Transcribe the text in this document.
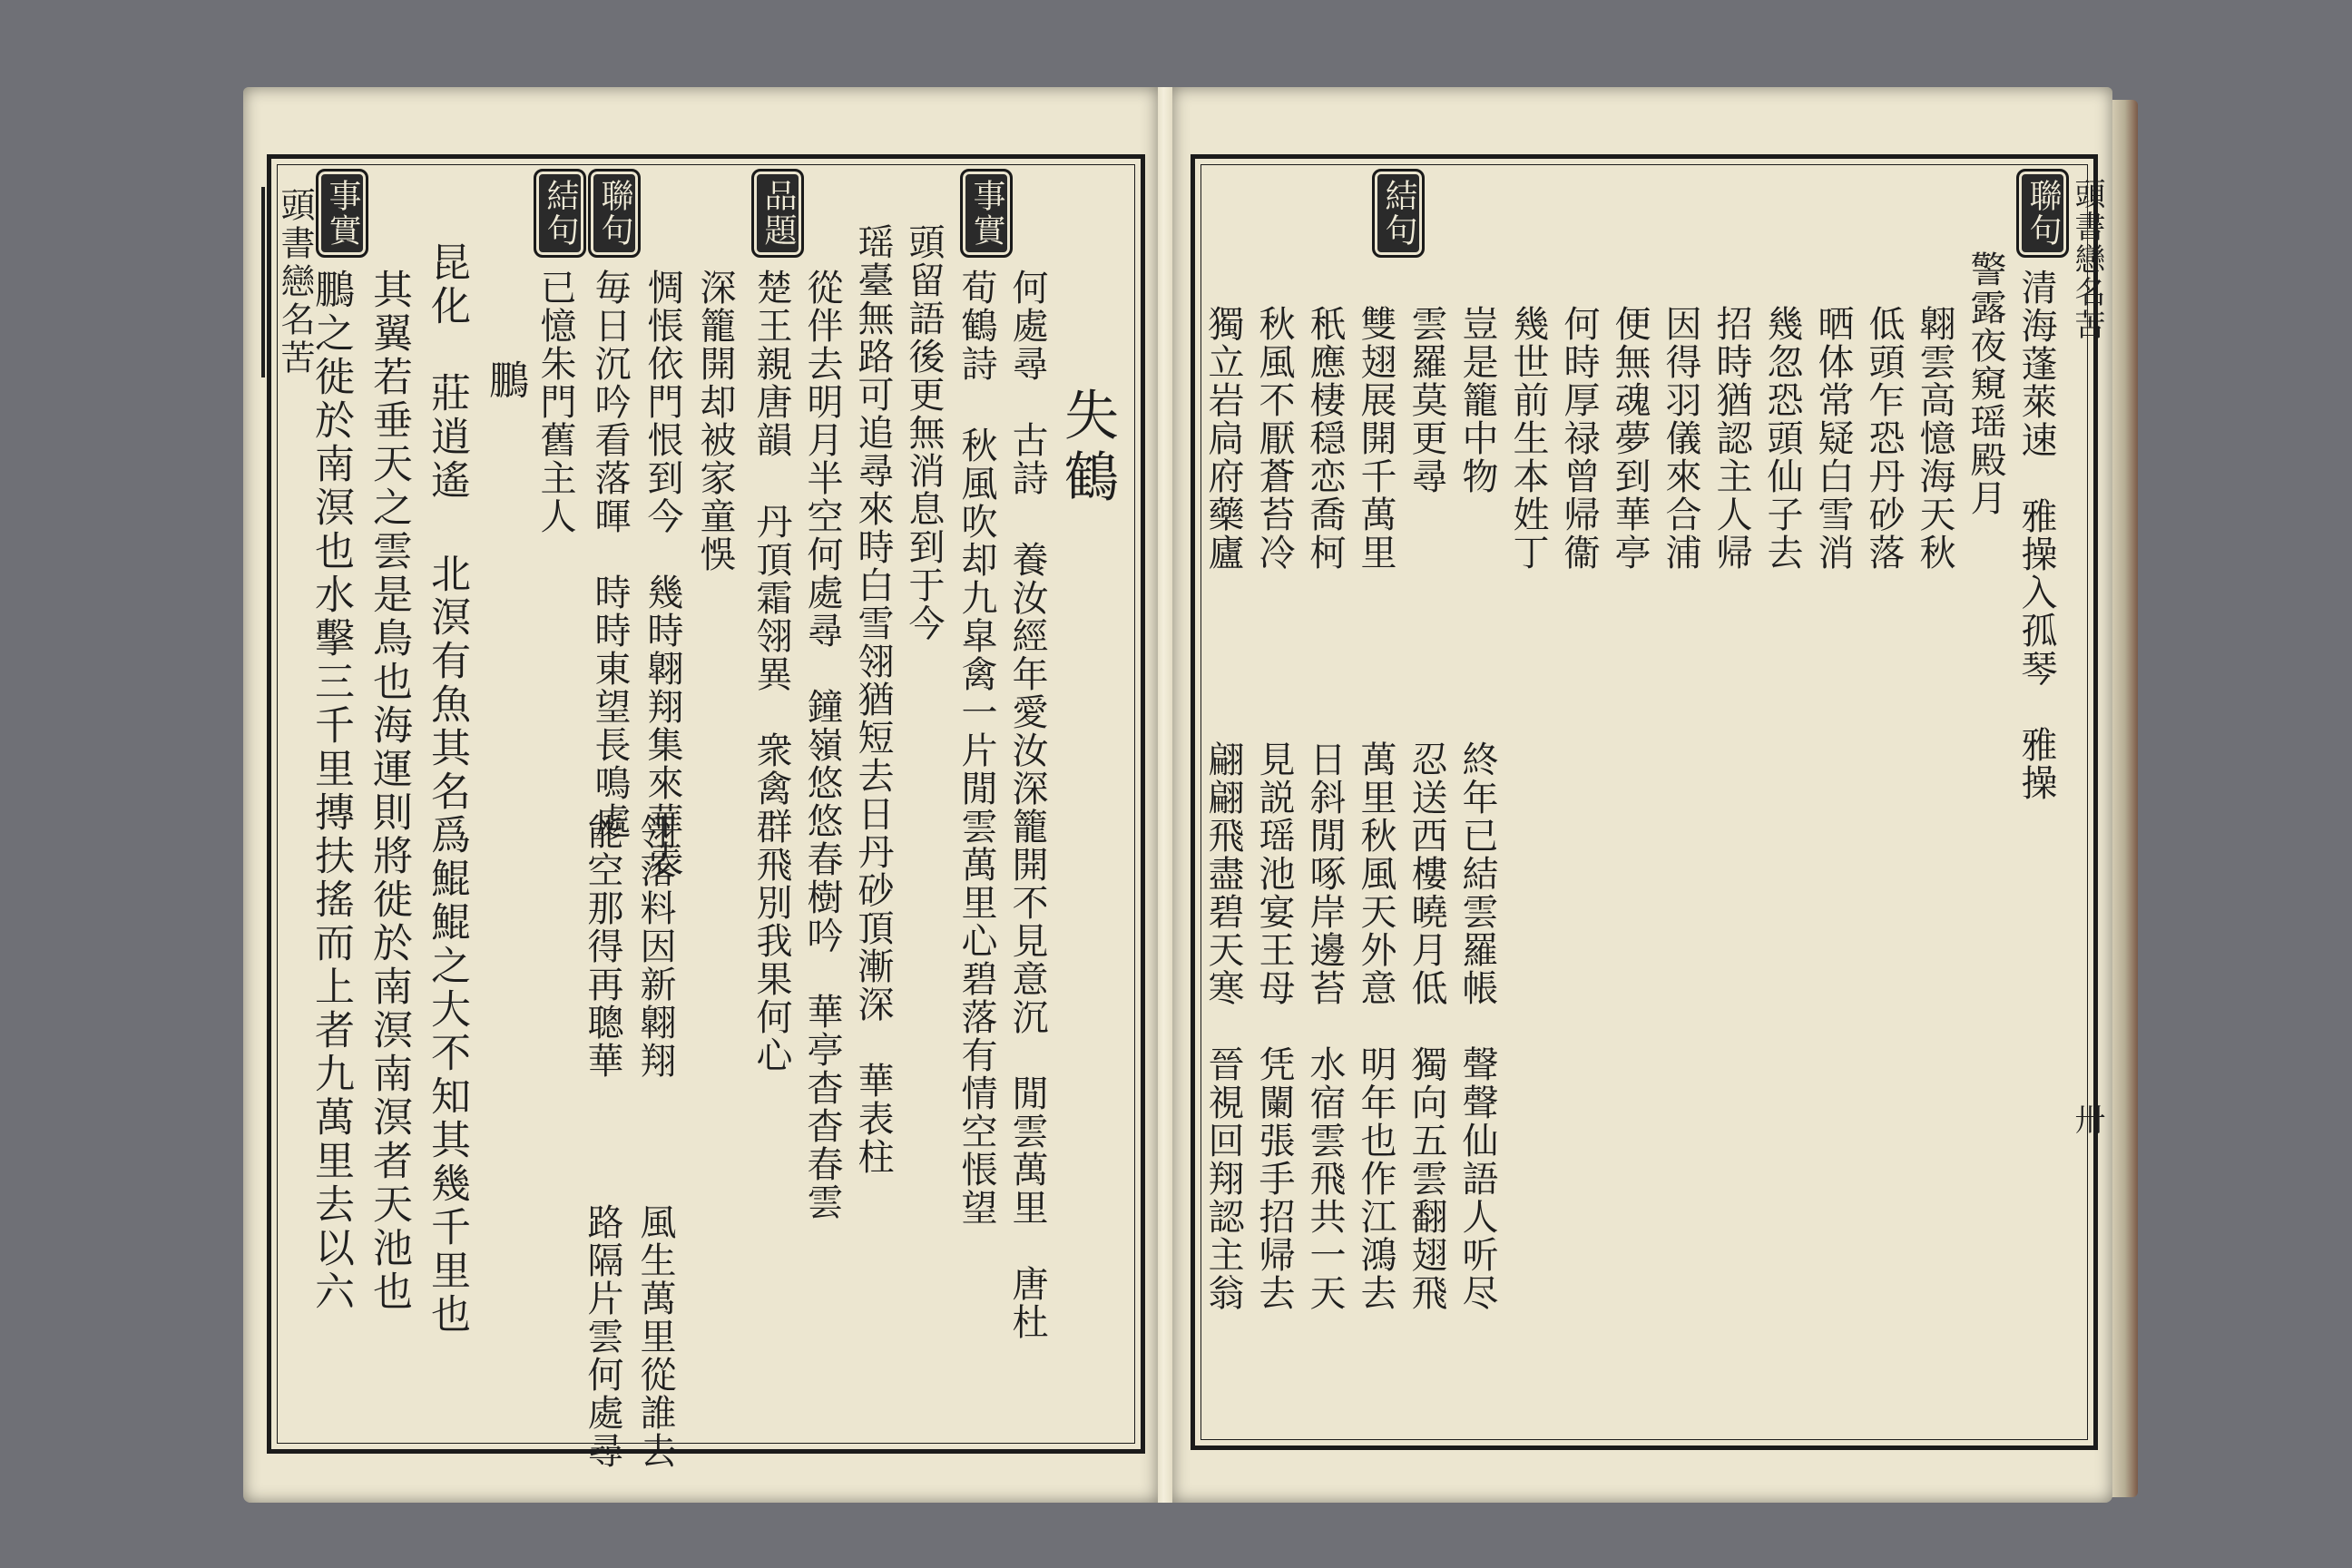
頭書戀名苦 事實
鵬之徙於南溟也水擊三千里摶扶搖而上者九萬里去以六 其翼若垂天之雲是鳥也海運則將徙於南溟南溟者天池也 昆化　莊逍遙 北溟有魚其名爲鯤鯤之大不知其幾千里也 鵬
結句
已憶朱門舊主人
聯句
毎日沉吟看落暉　時時東望長鳴處 惆悵依門恨到今　幾時翺翔集來華表 深籠開却被家童悞
能空那得再聰華 翎落料因新翺翔
路隔片雲何處尋 風生萬里從誰去
品題
楚王親唐韻 丹頂霜翎異　衆禽群飛別我果何心 從伴去明月半空何處尋　鐘嶺悠悠春樹吟　華亭杳杳春雲 瑶臺無路可追尋來時白雪翎猶短去日丹砂頂漸深　華表柱 頭留語後更無消息到于今
事實
荀鶴詩 秋風吹却九皐禽一片閒雲萬里心碧落有情空悵望 何處尋　古詩 養汝經年愛汝深籠開不見意沉　閒雲萬里　唐杜 失鶴
結句
獨立岩扃府藥廬 秋風不厭蒼苔冷 秖應棲穏恋喬柯 雙翅展開千萬里 雲羅莫更尋 豈是籠中物 幾世前生本姓丁 何時厚禄曾帰衞 便無魂夢到華亭 因得羽儀來合浦 招時猶認主人帰 幾忽恐頭仙子去 晒体常疑白雪消 低頭乍恐丹砂落 翺雲高憶海天秋 警露夜窺瑶殿月
聯句
清海蓬萊速　雅操入孤琴　雅操
翩翩飛盡碧天寒　晉視回翔認主翁 見説瑶池宴王母　凭闌張手招帰去 日斜閒啄岸邊苔　水宿雲飛共一天 萬里秋風天外意　明年也作江鴻去 忍送西樓曉月低　獨向五雲翻翅飛 終年已結雲羅帳　聲聲仙語人听尽
頭書戀名苦
卅
